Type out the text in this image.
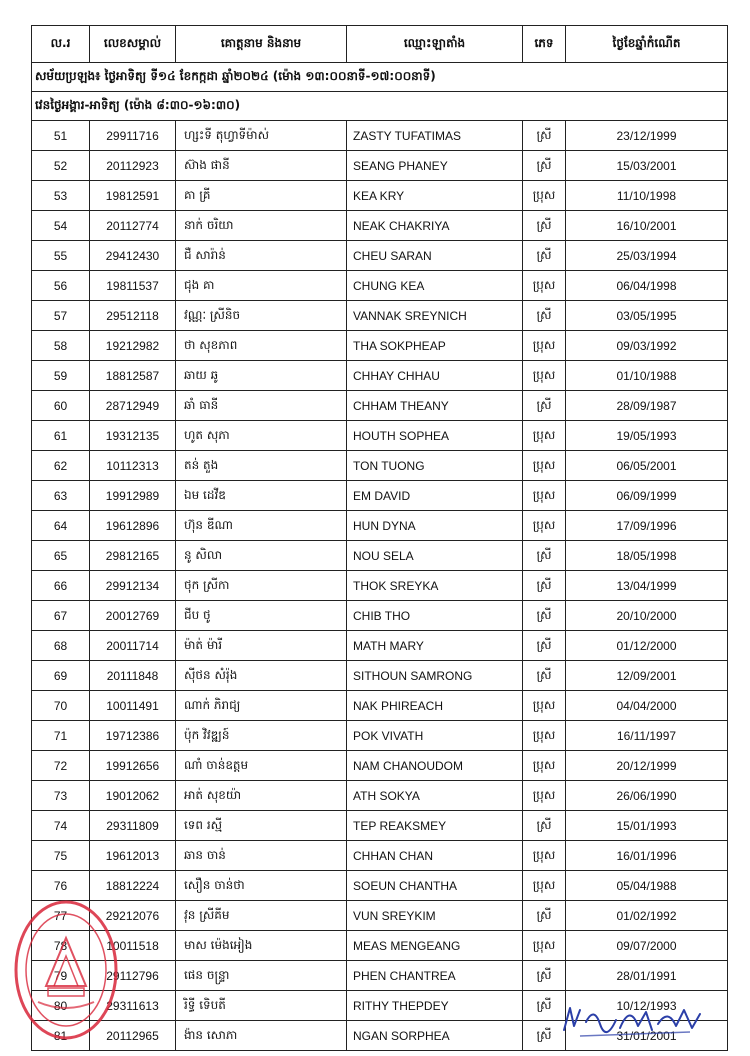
ល.រ	លេខសម្គាល់	គោត្តនាម និងនាម	ឈ្មោះឡាតាំង	ភេទ	ថ្ងៃខែឆ្នាំកំណើត
សម័យប្រឡង៖ ថ្ងៃអាទិត្យ ទី១៤ ខែកក្កដា ឆ្នាំ២០២៤ (ម៉ោង ១៣:០០នាទី-១៧:០០នាទី)					
វេនថ្ងៃអង្គារ-អាទិត្យ (ម៉ោង ៨:៣០-១៦:៣០)					
51	29911716	ហ្សះទី តុហ្វាទីម៉ាស់	ZASTY TUFATIMAS	ស្រី	23/12/1999
52	20112923	ស៊ាង ផានី	SEANG PHANEY	ស្រី	15/03/2001
53	19812591	គា គ្រី	KEA KRY	ប្រុស	11/10/1998
54	20112774	នាក់ ចរិយា	NEAK CHAKRIYA	ស្រី	16/10/2001
55	29412430	ជឺ សារ៉ាន់	CHEU SARAN	ស្រី	25/03/1994
56	19811537	ជុង គា	CHUNG KEA	ប្រុស	06/04/1998
57	29512118	វណ្ណៈ ស្រីនិច	VANNAK SREYNICH	ស្រី	03/05/1995
58	19212982	ថា សុខភាព	THA SOKPHEAP	ប្រុស	09/03/1992
59	18812587	ឆាយ ឆូ	CHHAY CHHAU	ប្រុស	01/10/1988
60	28712949	ឆាំ ធានី	CHHAM THEANY	ស្រី	28/09/1987
61	19312135	ហូត សុភា	HOUTH SOPHEA	ប្រុស	19/05/1993
62	10112313	តន់ តួង	TON TUONG	ប្រុស	06/05/2001
63	19912989	ឯម ដេវីឌ	EM DAVID	ប្រុស	06/09/1999
64	19612896	ហ៊ុន ឌីណា	HUN DYNA	ប្រុស	17/09/1996
65	29812165	នូ សិលា	NOU SELA	ស្រី	18/05/1998
66	29912134	ថុក ស្រីកា	THOK SREYKA	ស្រី	13/04/1999
67	20012769	ជីប ថូ	CHIB THO	ស្រី	20/10/2000
68	20011714	ម៉ាត់ ម៉ារី	MATH MARY	ស្រី	01/12/2000
69	20111848	ស៊ីថន សំរ៉ុង	SITHOUN SAMRONG	ស្រី	12/09/2001
70	10011491	ណាក់ ភិរាជ្យ	NAK PHIREACH	ប្រុស	04/04/2000
71	19712386	ប៉ុក វិវឌ្ឍន៍	POK VIVATH	ប្រុស	16/11/1997
72	19912656	ណាំ ចាន់ឧត្តម	NAM CHANOUDOM	ប្រុស	20/12/1999
73	19012062	អាត់ សុខយ៉ា	ATH SOKYA	ប្រុស	26/06/1990
74	29311809	ទេព រស្មី	TEP REAKSMEY	ស្រី	15/01/1993
75	19612013	ឆាន ចាន់	CHHAN CHAN	ប្រុស	16/01/1996
76	18812224	សឿន ចាន់ថា	SOEUN CHANTHA	ប្រុស	05/04/1988
77	29212076	វុន ស្រីគីម	VUN SREYKIM	ស្រី	01/02/1992
78	10011518	មាស ម៉េងអៀង	MEAS MENGEANG	ប្រុស	09/07/2000
79	29112796	ផេន ចន្ទ្រា	PHEN CHANTREA	ស្រី	28/01/1991
80	29311613	រិទ្ធី ទេិបតី	RITHY THEPDEY	ស្រី	10/12/1993
81	20112965	ង៉ាន សោភា	NGAN SORPHEA	ស្រី	31/01/2001
